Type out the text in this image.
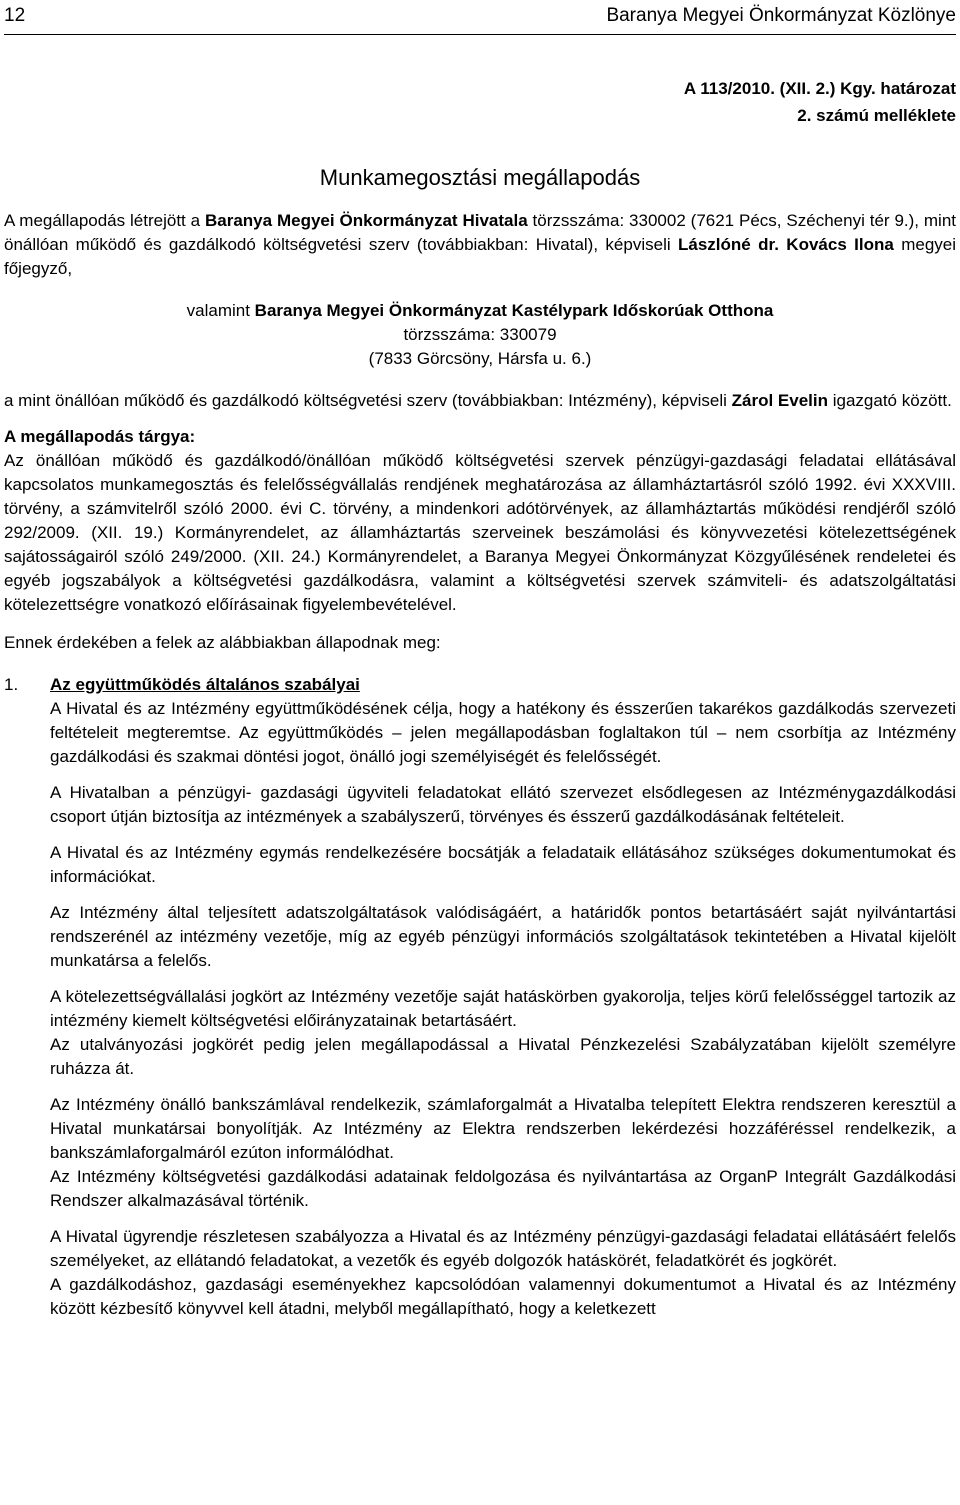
12	Baranya Megyei Önkormányzat Közlönye
A 113/2010. (XII. 2.) Kgy. határozat
2. számú melléklete
Munkamegosztási megállapodás

A megállapodás létrejött a Baranya Megyei Önkormányzat Hivatala törzsszáma: 330002 (7621 Pécs, Széchenyi tér 9.), mint önállóan működő és gazdálkodó költségvetési szerv (továbbiakban: Hivatal), képviseli Lászlóné dr. Kovács Ilona megyei főjegyző,

valamint Baranya Megyei Önkormányzat Kastélypark Időskorúak Otthona
törzsszáma: 330079
(7833 Görcsöny, Hársfa u. 6.)

a mint önállóan működő és gazdálkodó költségvetési szerv (továbbiakban: Intézmény), képviseli Zárol Evelin igazgató között.

A megállapodás tárgya:

Az önállóan működő és gazdálkodó/önállóan működő költségvetési szervek pénzügyi-gazdasági feladatai ellátásával kapcsolatos munkamegosztás és felelősségvállalás rendjének meghatározása az államháztartásról szóló 1992. évi XXXVIII. törvény, a számvitelről szóló 2000. évi C. törvény, a mindenkori adótörvények, az államháztartás működési rendjéről szóló 292/2009. (XII. 19.) Kormányrendelet, az államháztartás szerveinek beszámolási és könyvvezetési kötelezettségének sajátosságairól szóló 249/2000. (XII. 24.) Kormányrendelet, a Baranya Megyei Önkormányzat Közgyűlésének rendeletei és egyéb jogszabályok a költségvetési gazdálkodásra, valamint a költségvetési szervek számviteli- és adatszolgáltatási kötelezettségre vonatkozó előírásainak figyelembevételével.

Ennek érdekében a felek az alábbiakban állapodnak meg:

1. Az együttműködés általános szabályai

A Hivatal és az Intézmény együttműködésének célja, hogy a hatékony és ésszerűen takarékos gazdálkodás szervezeti feltételeit megteremtse. Az együttműködés – jelen megállapodásban foglaltakon túl – nem csorbítja az Intézmény gazdálkodási és szakmai döntési jogot, önálló jogi személyiségét és felelősségét.

A Hivatalban a pénzügyi- gazdasági ügyviteli feladatokat ellátó szervezet elsődlegesen az Intézménygazdálkodási csoport útján biztosítja az intézmények a szabályszerű, törvényes és ésszerű gazdálkodásának feltételeit.

A Hivatal és az Intézmény egymás rendelkezésére bocsátják a feladataik ellátásához szükséges dokumentumokat és információkat.

Az Intézmény által teljesített adatszolgáltatások valódiságáért, a határidők pontos betartásáért saját nyilvántartási rendszerénél az intézmény vezetője, míg az egyéb pénzügyi információs szolgáltatások tekintetében a Hivatal kijelölt munkatársa a felelős.

A kötelezettségvállalási jogkört az Intézmény vezetője saját hatáskörben gyakorolja, teljes körű felelősséggel tartozik az intézmény kiemelt költségvetési előirányzatainak betartásáért.

Az utalványozási jogkörét pedig jelen megállapodással a Hivatal Pénzkezelési Szabályzatában kijelölt személyre ruházza át.

Az Intézmény önálló bankszámlával rendelkezik, számlaforgalmát a Hivatalba telepített Elektra rendszeren keresztül a Hivatal munkatársai bonyolítják. Az Intézmény az Elektra rendszerben lekérdezési hozzáféréssel rendelkezik, a bankszámlaforgalmáról ezúton informálódhat.

Az Intézmény költségvetési gazdálkodási adatainak feldolgozása és nyilvántartása az OrganP Integrált Gazdálkodási Rendszer alkalmazásával történik.

A Hivatal ügyrendje részletesen szabályozza a Hivatal és az Intézmény pénzügyi-gazdasági feladatai ellátásáért felelős személyeket, az ellátandó feladatokat, a vezetők és egyéb dolgozók hatáskörét, feladatkörét és jogkörét.

A gazdálkodáshoz, gazdasági eseményekhez kapcsolódóan valamennyi dokumentumot a Hivatal és az Intézmény között kézbesítő könyvvel kell átadni, melyből megállapítható, hogy a keletkezett
